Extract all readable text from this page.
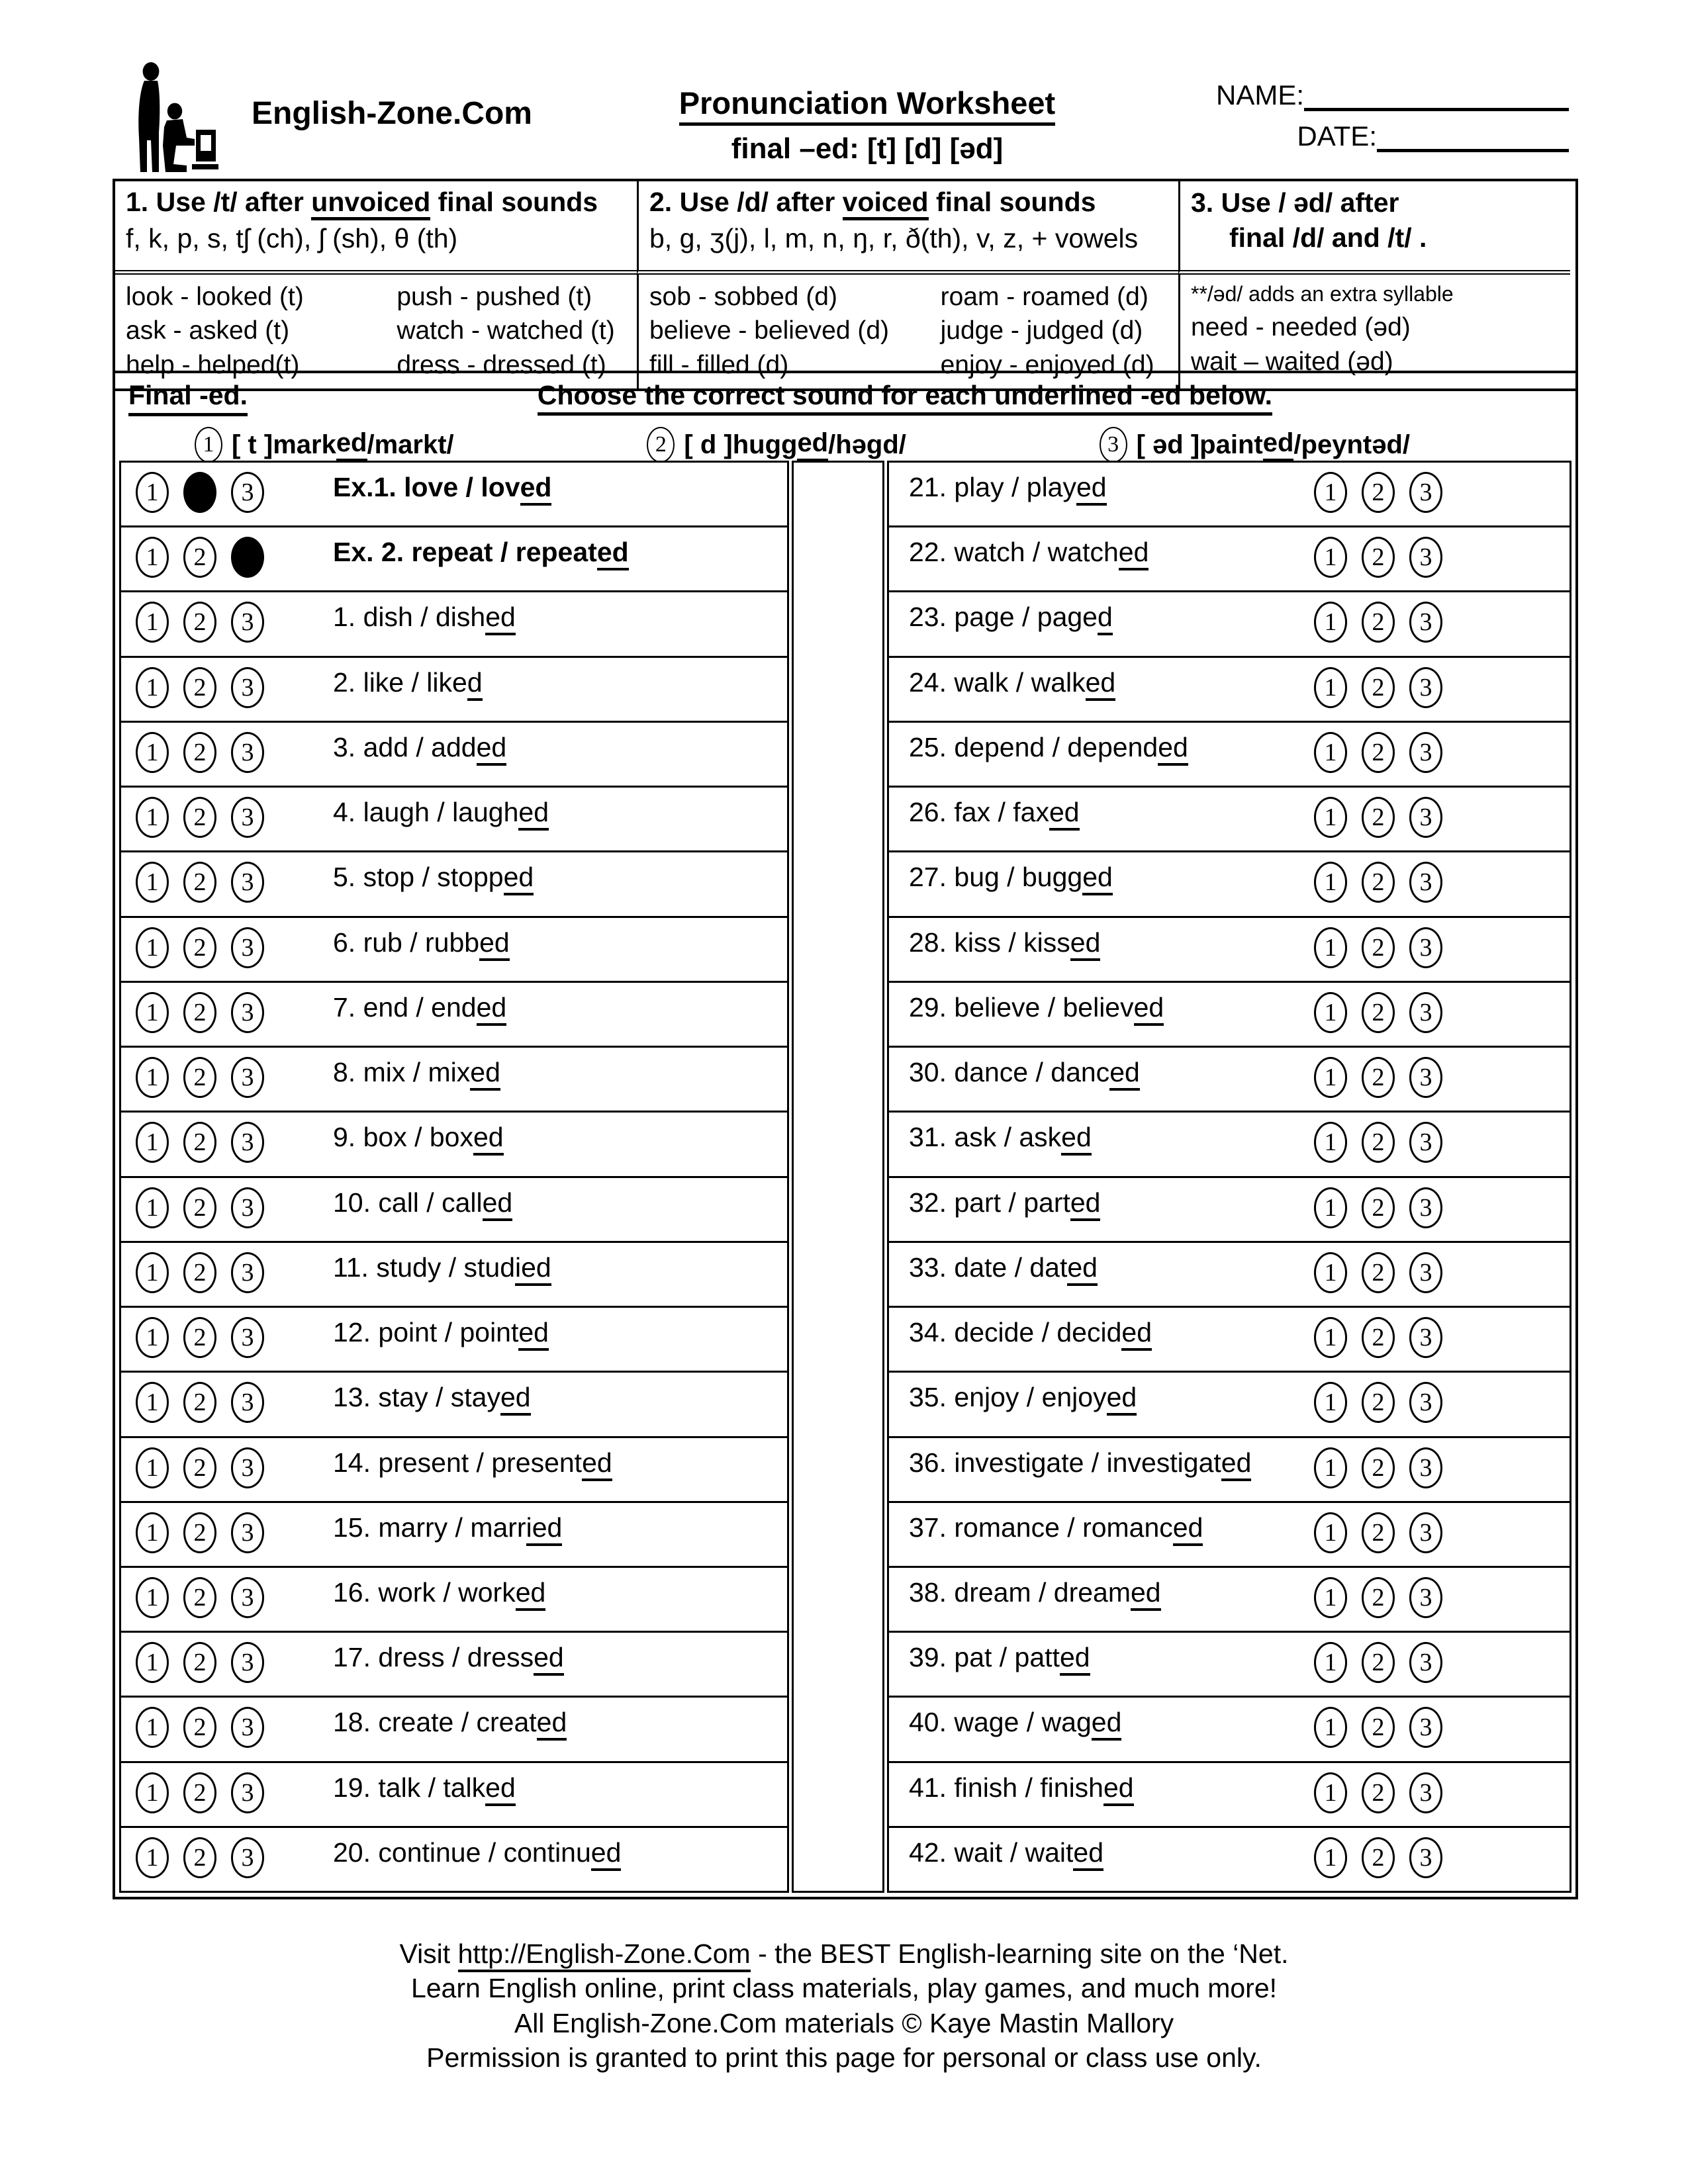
English-Zone.Com	Pronunciation Worksheet
final –ed: [t] [d] [əd]
NAME:
DATE:
1. Use /t/ after unvoiced final sounds
f, k, p, s, tʃ (ch), ʃ (sh), θ (th)
2. Use /d/ after voiced final sounds
b, g, ʒ(j), l, m, n, ŋ, r, ð(th), v, z, + vowels
3. Use / əd/ after
final /d/ and /t/ .
look - looked (t)	push - pushed (t)
ask - asked (t)	watch - watched (t)
help - helped(t)	dress - dressed (t)
sob - sobbed (d)	roam - roamed (d)
believe - believed (d)	judge - judged (d)
fill - filled (d)	enjoy - enjoyed (d)
**/əd/ adds an extra syllable
need - needed (əd)
wait – waited (əd)
Final -ed.	Choose the correct sound for each underlined -ed below.
1 [ t ] mark ed /markt/	2 [ d ] hugg ed /həgd/	3 [ əd ] paint ed /peyntəd/
1	2	3	Ex.1. love / loved
1	2	3	Ex. 2. repeat / repeated
1	2	3	1. dish / dished
1	2	3	2. like / liked
1	2	3	3. add / added
1	2	3	4. laugh / laughed
1	2	3	5. stop / stopped
1	2	3	6. rub / rubbed
1	2	3	7. end / ended
1	2	3	8. mix / mixed
1	2	3	9. box / boxed
1	2	3	10. call / called
1	2	3	11. study / studied
1	2	3	12. point / pointed
1	2	3	13. stay / stayed
1	2	3	14. present / presented
1	2	3	15. marry / married
1	2	3	16. work / worked
1	2	3	17. dress / dressed
1	2	3	18. create / created
1	2	3	19. talk / talked
1	2	3	20. continue / continued
21. play / played	1	2	3
22. watch / watched	1	2	3
23. page / paged	1	2	3
24. walk / walked	1	2	3
25. depend / depended	1	2	3
26. fax / faxed	1	2	3
27. bug / bugged	1	2	3
28. kiss / kissed	1	2	3
29. believe / believed	1	2	3
30. dance / danced	1	2	3
31. ask / asked	1	2	3
32. part / parted	1	2	3
33. date / dated	1	2	3
34. decide / decided	1	2	3
35. enjoy / enjoyed	1	2	3
36. investigate / investigated	1	2	3
37. romance / romanced	1	2	3
38. dream / dreamed	1	2	3
39. pat / patted	1	2	3
40. wage / waged	1	2	3
41. finish / finished	1	2	3
42. wait / waited	1	2	3
Visit http://English-Zone.Com - the BEST English-learning site on the ‘Net.
Learn English online, print class materials, play games, and much more!
All English-Zone.Com materials © Kaye Mastin Mallory
Permission is granted to print this page for personal or class use only.
